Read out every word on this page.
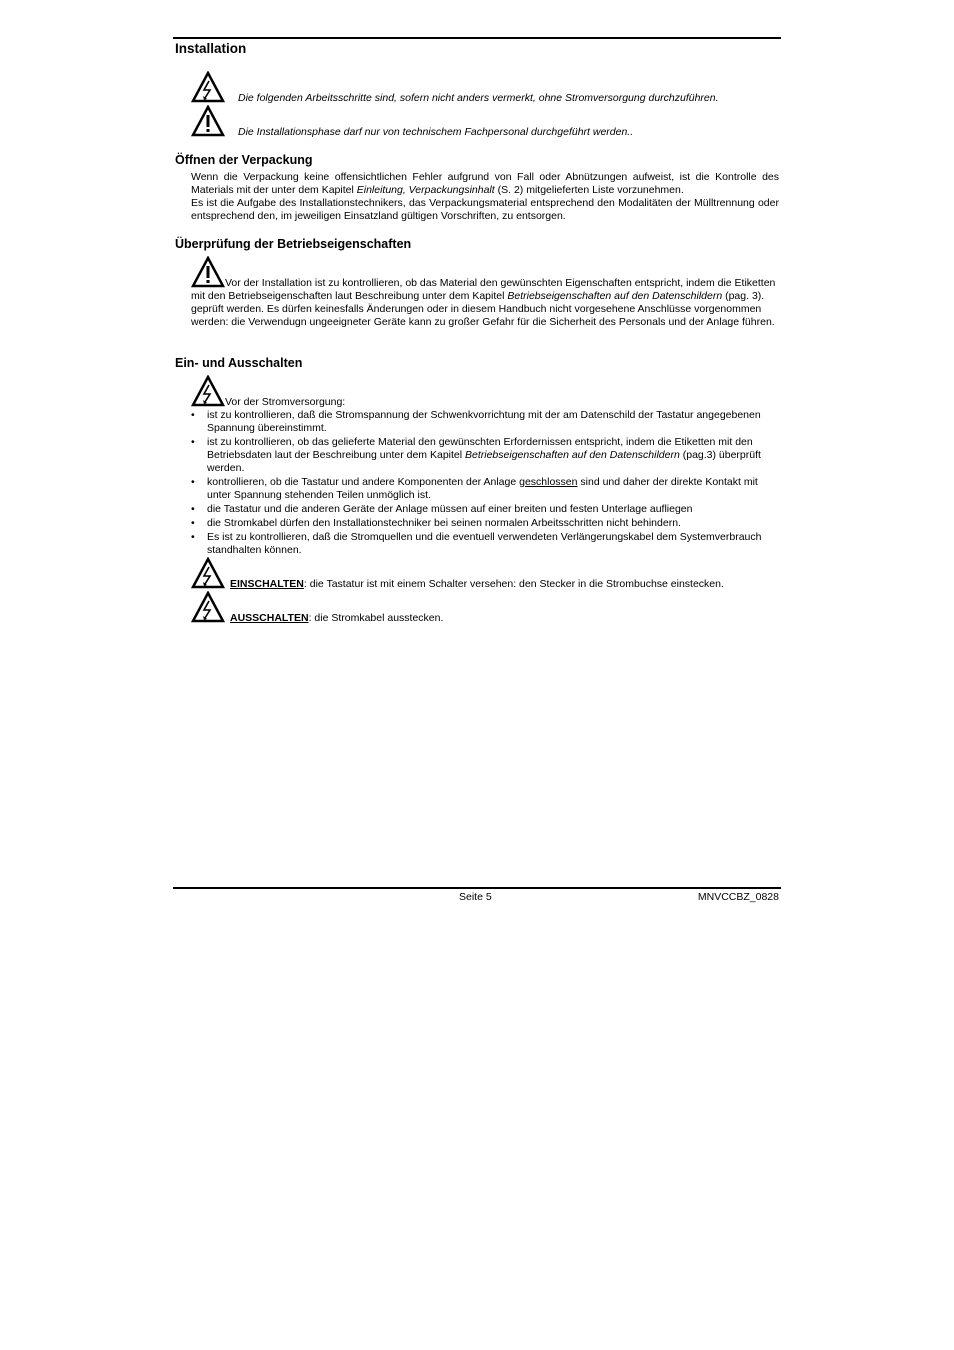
Installation
Die folgenden Arbeitsschritte sind, sofern nicht anders vermerkt, ohne Stromversorgung durchzuführen.
Die Installationsphase darf nur von technischem Fachpersonal durchgeführt werden..
Öffnen der Verpackung

Wenn die Verpackung keine offensichtlichen Fehler aufgrund von Fall oder Abnützungen aufweist, ist die Kontrolle des Materials mit der unter dem Kapitel Einleitung, Verpackungsinhalt (S. 2) mitgelieferten Liste vorzunehmen.

Es ist die Aufgabe des Installationstechnikers, das Verpackungsmaterial entsprechend den Modalitäten der Mülltrennung oder entsprechend den, im jeweiligen Einsatzland gültigen Vorschriften, zu entsorgen.

Überprüfung der Betriebseigenschaften
Vor der Installation ist zu kontrollieren, ob das Material den gewünschten Eigenschaften entspricht, indem die Etiketten mit den Betriebseigenschaften laut Beschreibung unter dem Kapitel Betriebseigenschaften auf den Datenschildern (pag. 3). geprüft werden. Es dürfen keinesfalls Änderungen oder in diesem Handbuch nicht vorgesehene Anschlüsse vorgenommen werden: die Verwendugn ungeeigneter Geräte kann zu großer Gefahr für die Sicherheit des Personals und der Anlage führen.
Ein- und Ausschalten
Vor der Stromversorgung:
• ist zu kontrollieren, daß die Stromspannung der Schwenkvorrichtung mit der am Datenschild der Tastatur angegebenen Spannung übereinstimmt.
• ist zu kontrollieren, ob das gelieferte Material den gewünschten Erfordernissen entspricht, indem die Etiketten mit den Betriebsdaten laut der Beschreibung unter dem Kapitel Betriebseigenschaften auf den Datenschildern (pag.3) überprüft werden.
• kontrollieren, ob die Tastatur und andere Komponenten der Anlage geschlossen sind und daher der direkte Kontakt mit unter Spannung stehenden Teilen unmöglich ist.
• die Tastatur und die anderen Geräte der Anlage müssen auf einer breiten und festen Unterlage aufliegen
• die Stromkabel dürfen den Installationstechniker bei seinen normalen Arbeitsschritten nicht behindern.
• Es ist zu kontrollieren, daß die Stromquellen und die eventuell verwendeten Verlängerungskabel dem Systemverbrauch standhalten können.
EINSCHALTEN: die Tastatur ist mit einem Schalter versehen: den Stecker in die Strombuchse einstecken.
AUSSCHALTEN: die Stromkabel ausstecken.
Seite 5	MNVCCBZ_0828
